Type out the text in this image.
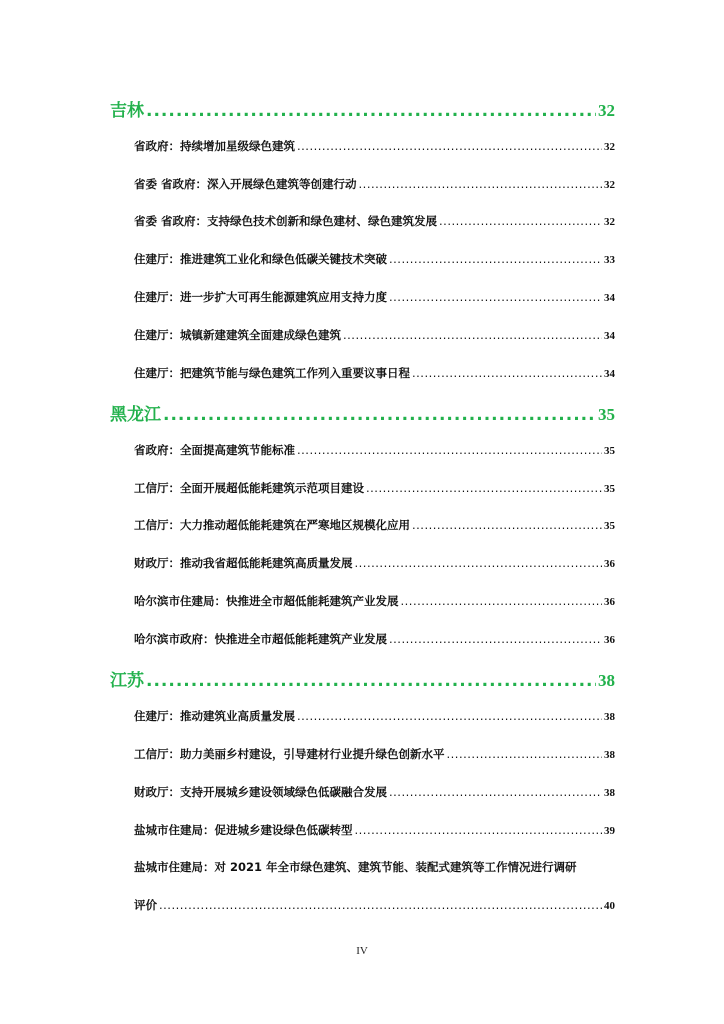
吉林 .....	32
省政府：持续增加星级绿色建筑 .....	32
省委 省政府：深入开展绿色建筑等创建行动 .....	32
省委 省政府：支持绿色技术创新和绿色建材、绿色建筑发展 .....	32
住建厅：推进建筑工业化和绿色低碳关键技术突破 .....	33
住建厅：进一步扩大可再生能源建筑应用支持力度 .....	34
住建厅：城镇新建建筑全面建成绿色建筑 .....	34
住建厅：把建筑节能与绿色建筑工作列入重要议事日程 .....	34
黑龙江 .....	35
省政府：全面提高建筑节能标准 .....	35
工信厅：全面开展超低能耗建筑示范项目建设 .....	35
工信厅：大力推动超低能耗建筑在严寒地区规模化应用 .....	35
财政厅：推动我省超低能耗建筑高质量发展 .....	36
哈尔滨市住建局：快推进全市超低能耗建筑产业发展 .....	36
哈尔滨市政府：快推进全市超低能耗建筑产业发展 .....	36
江苏 .....	38
住建厅：推动建筑业高质量发展 .....	38
工信厅：助力美丽乡村建设，引导建材行业提升绿色创新水平 .....	38
财政厅：支持开展城乡建设领域绿色低碳融合发展 .....	38
盐城市住建局：促进城乡建设绿色低碳转型 .....	39
盐城市住建局：对 2021 年全市绿色建筑、建筑节能、装配式建筑等工作情况进行调研
评价 .....	40
IV
